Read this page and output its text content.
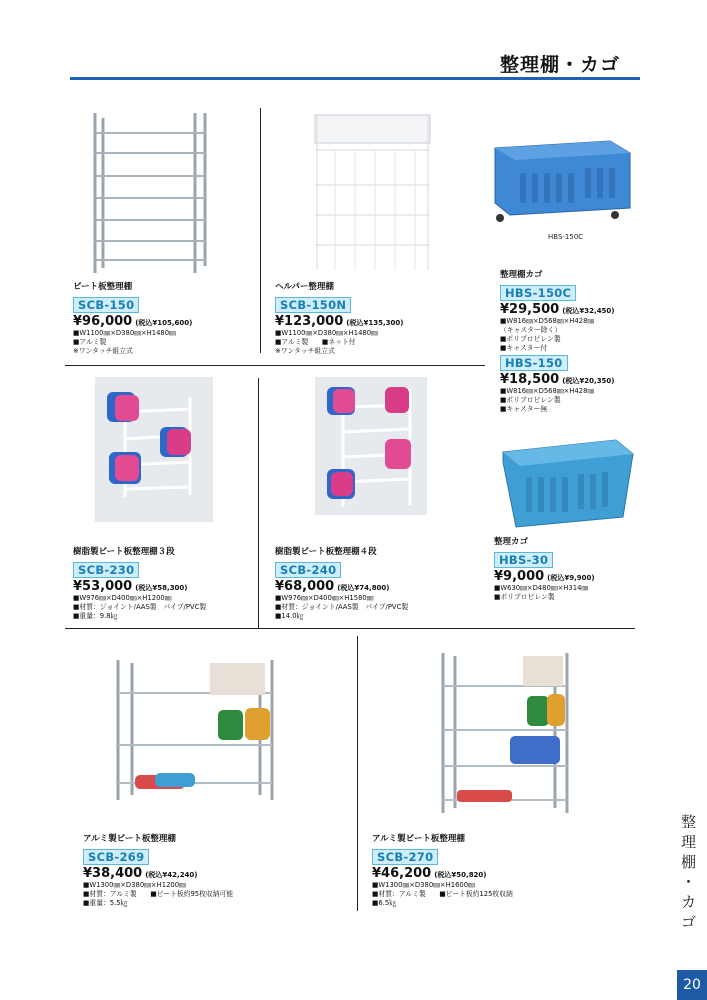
整理棚・カゴ
HBS-150C
ビート板整理棚
SCB-150
¥96,000 (税込¥105,600)
■W1100㎜×D380㎜×H1480㎜
■アルミ製
※ワンタッチ組立式
ヘルパー整理棚
SCB-150N
¥123,000 (税込¥135,300)
■W1100㎜×D380㎜×H1480㎜
■アルミ製　　■ネット付
※ワンタッチ組立式
整理棚カゴ
HBS-150C
¥29,500 (税込¥32,450)
■W816㎜×D568㎜×H428㎜
（キャスター除く）
■ポリプロピレン製
■キャスター付
HBS-150
¥18,500 (税込¥20,350)
■W816㎜×D568㎜×H428㎜
■ポリプロピレン製
■キャスター無
樹脂製ビート板整理棚３段
SCB-230
¥53,000 (税込¥58,300)
■W976㎜×D400㎜×H1200㎜
■材質：ジョイント/AAS製　パイプ/PVC製
■重量：9.8㎏
樹脂製ビート板整理棚４段
SCB-240
¥68,000 (税込¥74,800)
■W976㎜×D400㎜×H1580㎜
■材質：ジョイント/AAS製　パイプ/PVC製
■14.0㎏
整理カゴ
HBS-30
¥9,000 (税込¥9,900)
■W630㎜×D480㎜×H314㎜
■ポリプロピレン製
アルミ製ビート板整理棚
SCB-269
¥38,400 (税込¥42,240)
■W1300㎜×D380㎜×H1200㎜
■材質：アルミ製　　■ビート板約95枚収納可能
■重量：5.5㎏
アルミ製ビート板整理棚
SCB-270
¥46,200 (税込¥50,820)
■W1300㎜×D380㎜×H1600㎜
■材質：アルミ製　　■ビート板約125枚収納
■6.5㎏
整
理
棚
・
カ
ゴ
20
